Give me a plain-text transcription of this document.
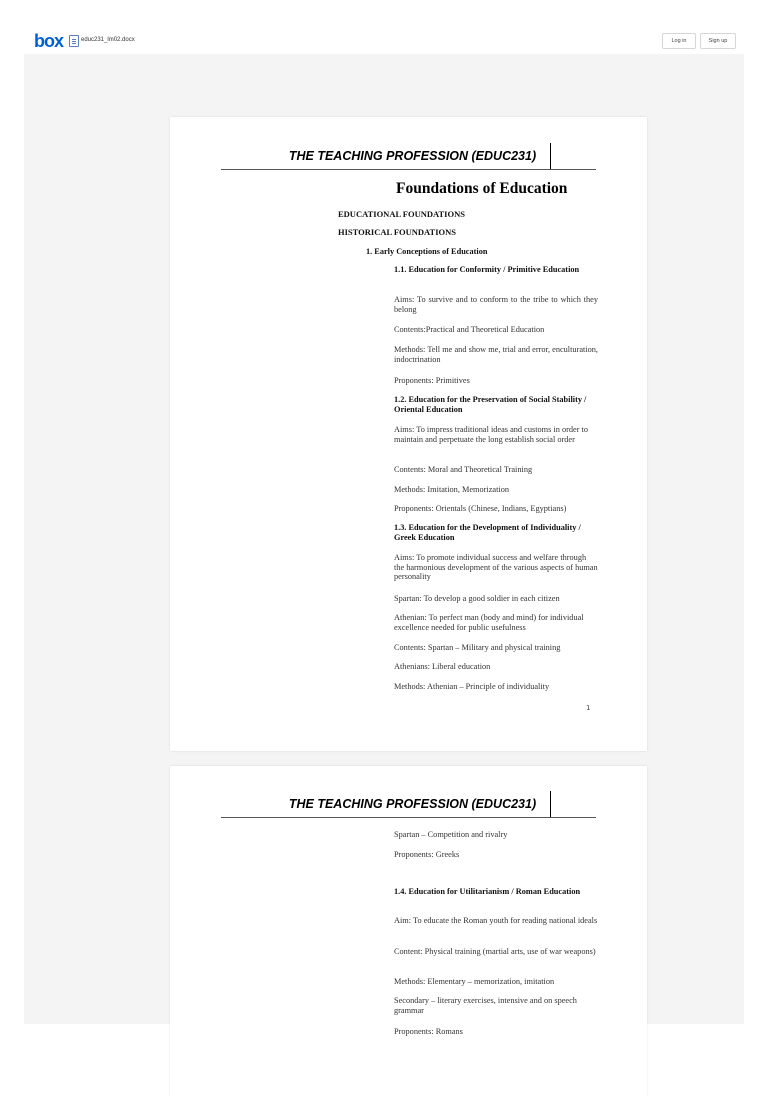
box	educ231_lm02.docx	Log in	Sign up
THE TEACHING PROFESSION (EDUC231)
Foundations of Education
EDUCATIONAL FOUNDATIONS
HISTORICAL FOUNDATIONS
1. Early Conceptions of Education
1.1. Education for Conformity / Primitive Education
Aims: To survive and to conform to the tribe to which they belong
Contents:Practical and Theoretical Education
Methods: Tell me and show me, trial and error, enculturation, indoctrination
Proponents: Primitives
1.2. Education for the Preservation of Social Stability / Oriental Education
Aims: To impress traditional ideas and customs in order to maintain and perpetuate the long establish social order
Contents: Moral and Theoretical Training
Methods: Imitation, Memorization
Proponents: Orientals (Chinese, Indians, Egyptians)
1.3. Education for the Development of Individuality / Greek Education
Aims: To promote individual success and welfare through the harmonious development of the various aspects of human personality
Spartan: To develop a good soldier in each citizen
Athenian: To perfect man (body and mind) for individual excellence needed for public usefulness
Contents: Spartan – Military and physical training
Athenians: Liberal education
Methods: Athenian – Principle of individuality
1
THE TEACHING PROFESSION (EDUC231)
Spartan – Competition and rivalry
Proponents: Greeks
1.4. Education for Utilitarianism / Roman Education
Aim: To educate the Roman youth for reading national ideals
Content: Physical training (martial arts, use of war weapons)
Methods: Elementary – memorization, imitation
Secondary – literary exercises, intensive and on speech grammar
Proponents: Romans
